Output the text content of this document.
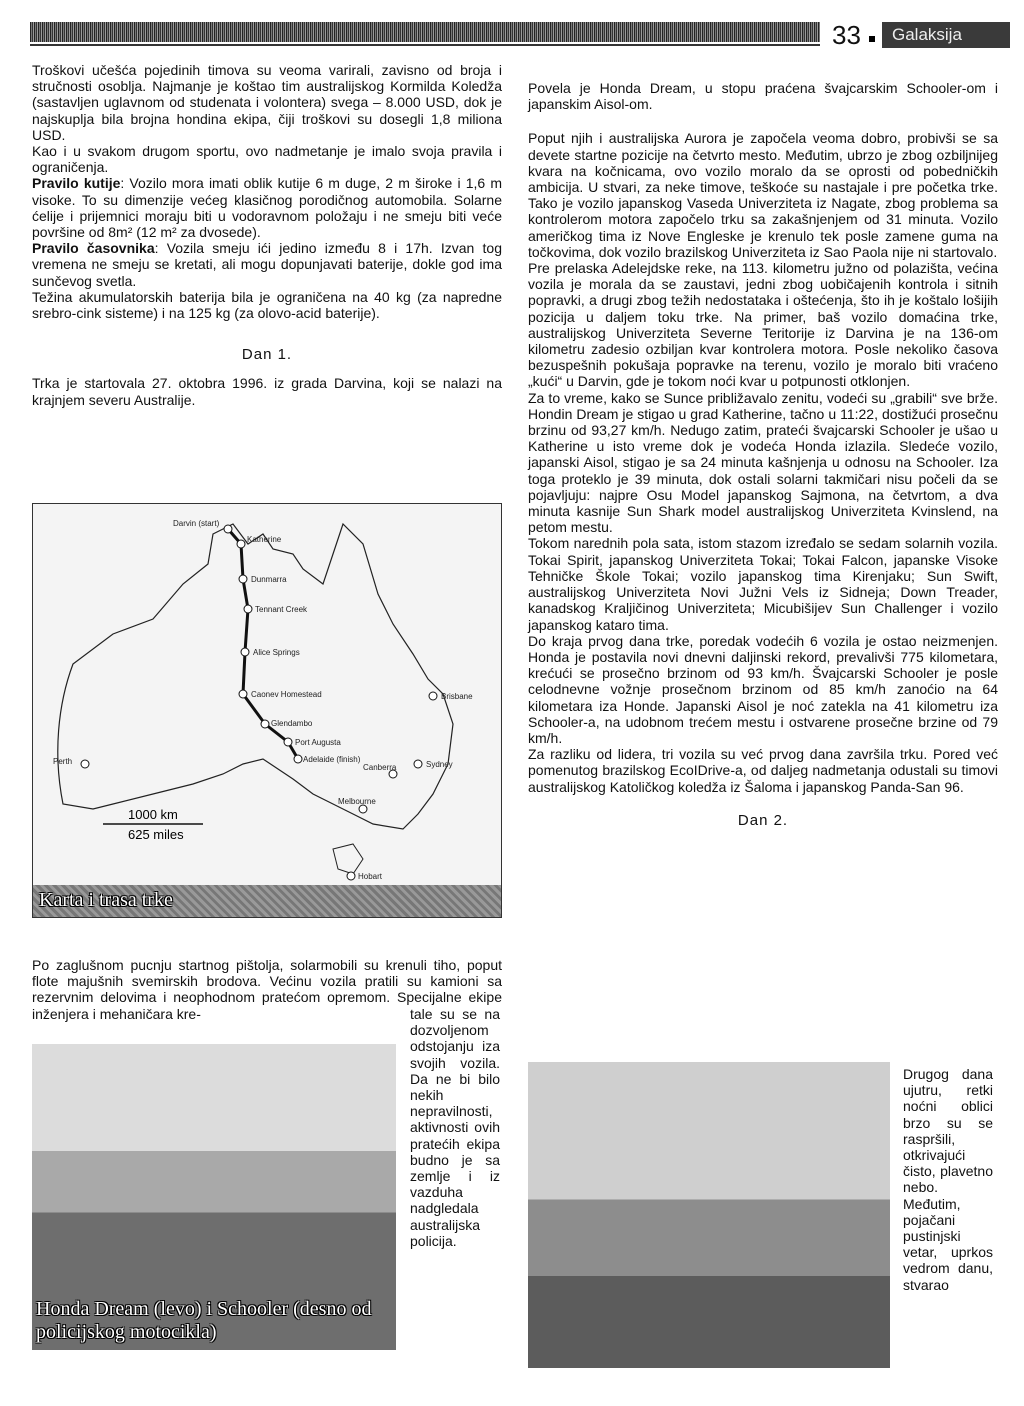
33	Galaksija

Troškovi učešća pojedinih timova su veoma varirali, zavisno od broja i stručnosti osoblja. Najmanje je koštao tim australijskog Kormilda Koledža (sastavljen uglavnom od studenata i volontera) svega – 8.000 USD, dok je najskuplja bila brojna hondina ekipa, čiji troškovi su dosegli 1,8 miliona USD.

Kao i u svakom drugom sportu, ovo nadmetanje je imalo svoja pravila i ograničenja.

Pravilo kutije: Vozilo mora imati oblik kutije 6 m duge, 2 m široke i 1,6 m visoke. To su dimenzije većeg klasičnog porodičnog automobila. Solarne ćelije i prijemnici moraju biti u vodoravnom položaju i ne smeju biti veće površine od 8m² (12 m² za dvosede).

Pravilo časovnika: Vozila smeju ići jedino između 8 i 17h. Izvan tog vremena ne smeju se kretati, ali mogu dopunjavati baterije, dokle god ima sunčevog svetla.

Težina akumulatorskih baterija bila je ograničena na 40 kg (za napredne srebro-cink sisteme) i na 125 kg (za olovo-acid baterije).

Dan 1.

Trka je startovala 27. oktobra 1996. iz grada Darvina, koji se nalazi na krajnjem severu Australije.

Darvin (start)
Katherine
Dunmarra
Tennant Creek
Alice Springs
Caonev Homestead
Glendambo
Port Augusta
Adelaide (finish)
Perth
Brisbane
Canberra	Sydney
Melbourne
Hobart
1000 km
625 miles
Karta i trasa trke

Po zaglušnom pucnju startnog pištolja, solarmobili su krenuli tiho, poput flote majušnih svemirskih brodova. Većinu vozila pratili su kamioni sa rezervnim delovima i neophodnom pratećom opremom. Specijalne ekipe inženjera i mehaničara kre-	tale su se na dozvoljenom odstojanju iza svojih vozila. Da ne bi bilo nekih nepravilnosti, aktivnosti ovih pratećih ekipa budno je sa zemlje i iz vazduha nadgledala australijska policija.

Honda Dream (levo) i Schooler (desno od policijskog motocikla)

Povela je Honda Dream, u stopu praćena švajcarskim Schooler-om i japanskim Aisol-om.

Poput njih i australijska Aurora je započela veoma dobro, probivši se sa devete startne pozicije na četvrto mesto. Međutim, ubrzo je zbog ozbiljnijeg kvara na kočnicama, ovo vozilo moralo da se oprosti od pobedničkih ambicija. U stvari, za neke timove, teškoće su nastajale i pre početka trke. Tako je vozilo japanskog Vaseda Univerziteta iz Nagate, zbog problema sa kontrolerom motora započelo trku sa zakašnjenjem od 31 minuta. Vozilo američkog tima iz Nove Engleske je krenulo tek posle zamene guma na točkovima, dok vozilo brazilskog Univerziteta iz Sao Paola nije ni startovalo.

Pre prelaska Adelejdske reke, na 113. kilometru južno od polazišta, većina vozila je morala da se zaustavi, jedni zbog uobičajenih kontrola i sitnih popravki, a drugi zbog težih nedostataka i oštećenja, što ih je koštalo lošijih pozicija u daljem toku trke. Na primer, baš vozilo domaćina trke, australijskog Univerziteta Severne Teritorije iz Darvina je na 136-om kilometru zadesio ozbiljan kvar kontrolera motora. Posle nekoliko časova bezuspešnih pokušaja popravke na terenu, vozilo je moralo biti vraćeno „kući“ u Darvin, gde je tokom noći kvar u potpunosti otklonjen.

Za to vreme, kako se Sunce približavalo zenitu, vodeći su „grabili“ sve brže. Hondin Dream je stigao u grad Katherine, tačno u 11:22, dostižući prosečnu brzinu od 93,27 km/h. Nedugo zatim, prateći švajcarski Schooler je ušao u Katherine u isto vreme dok je vodeća Honda izlazila. Sledeće vozilo, japanski Aisol, stigao je sa 24 minuta kašnjenja u odnosu na Schooler. Iza toga proteklo je 39 minuta, dok ostali solarni takmičari nisu počeli da se pojavljuju: najpre Osu Model japanskog Sajmona, na četvrtom, a dva minuta kasnije Sun Shark model australijskog Univerziteta Kvinslend, na petom mestu.

Tokom narednih pola sata, istom stazom izređalo se sedam solarnih vozila. Tokai Spirit, japanskog Univerziteta Tokai; Tokai Falcon, japanske Visoke Tehničke Škole Tokai; vozilo japanskog tima Kirenjaku; Sun Swift, australijskog Univerziteta Novi Južni Vels iz Sidneja; Down Treader, kanadskog Kraljičinog Univerziteta; Micubišijev Sun Challenger i vozilo japanskog kataro tima.

Do kraja prvog dana trke, poredak vodećih 6 vozila je ostao neizmenjen. Honda je postavila novi dnevni daljinski rekord, prevalivši 775 kilometara, krećući se prosečno brzinom od 93 km/h. Švajcarski Schooler je posle celodnevne vožnje prosečnom brzinom od 85 km/h zanoćio na 64 kilometara iza Honde. Japanski Aisol je noć zatekla na 41 kilometru iza Schooler-a, na udobnom trećem mestu i ostvarene prosečne brzine od 79 km/h.

Za razliku od lidera, tri vozila su već prvog dana završila trku. Pored već pomenutog brazilskog EcoIDrive-a, od daljeg nadmetanja odustali su timovi australijskog Katoličkog koledža iz Šaloma i japanskog Panda-San 96.

Dan 2.

Drugog dana ujutru, retki noćni oblici brzo su se raspršili, otkrivajući čisto, plavetno nebo. Međutim, pojačani pustinjski vetar, uprkos vedrom danu, stvarao
